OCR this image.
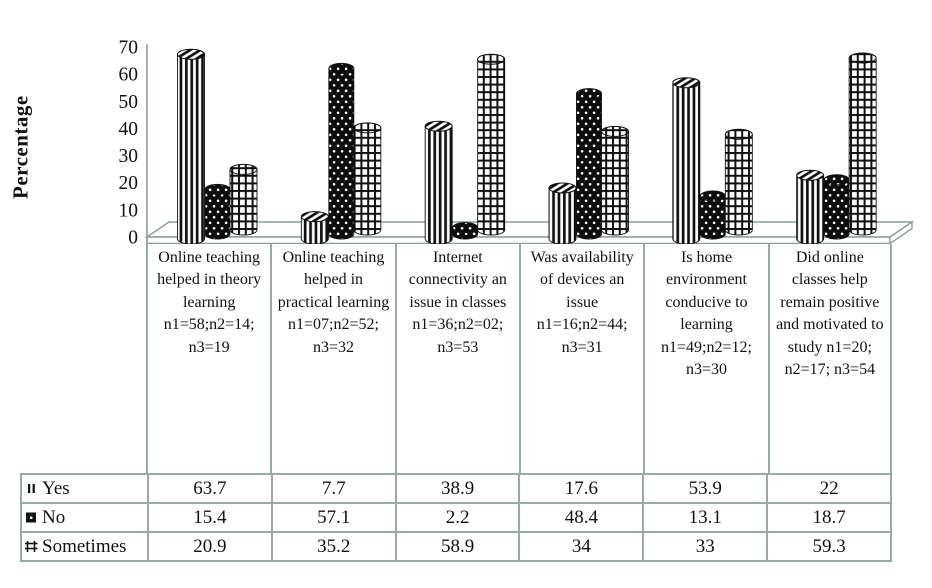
Percentage
0
10
20
30
40
50
60
70
Online teaching helped in theory learning n1=58;n2=14; n3=19
Online teaching helped in practical learning n1=07;n2=52; n3=32
Internet connectivity an issue in classes n1=36;n2=02; n3=53
Was availability of devices an issue n1=16;n2=44; n3=31
Is home environment conducive to learning n1=49;n2=12; n3=30
Did online classes help remain positive and motivated to study n1=20; n2=17; n3=54
Yes	63.7	7.7	38.9	17.6	53.9	22

No	15.4	57.1	2.2	48.4	13.1	18.7

Sometimes	20.9	35.2	58.9	34	33	59.3
